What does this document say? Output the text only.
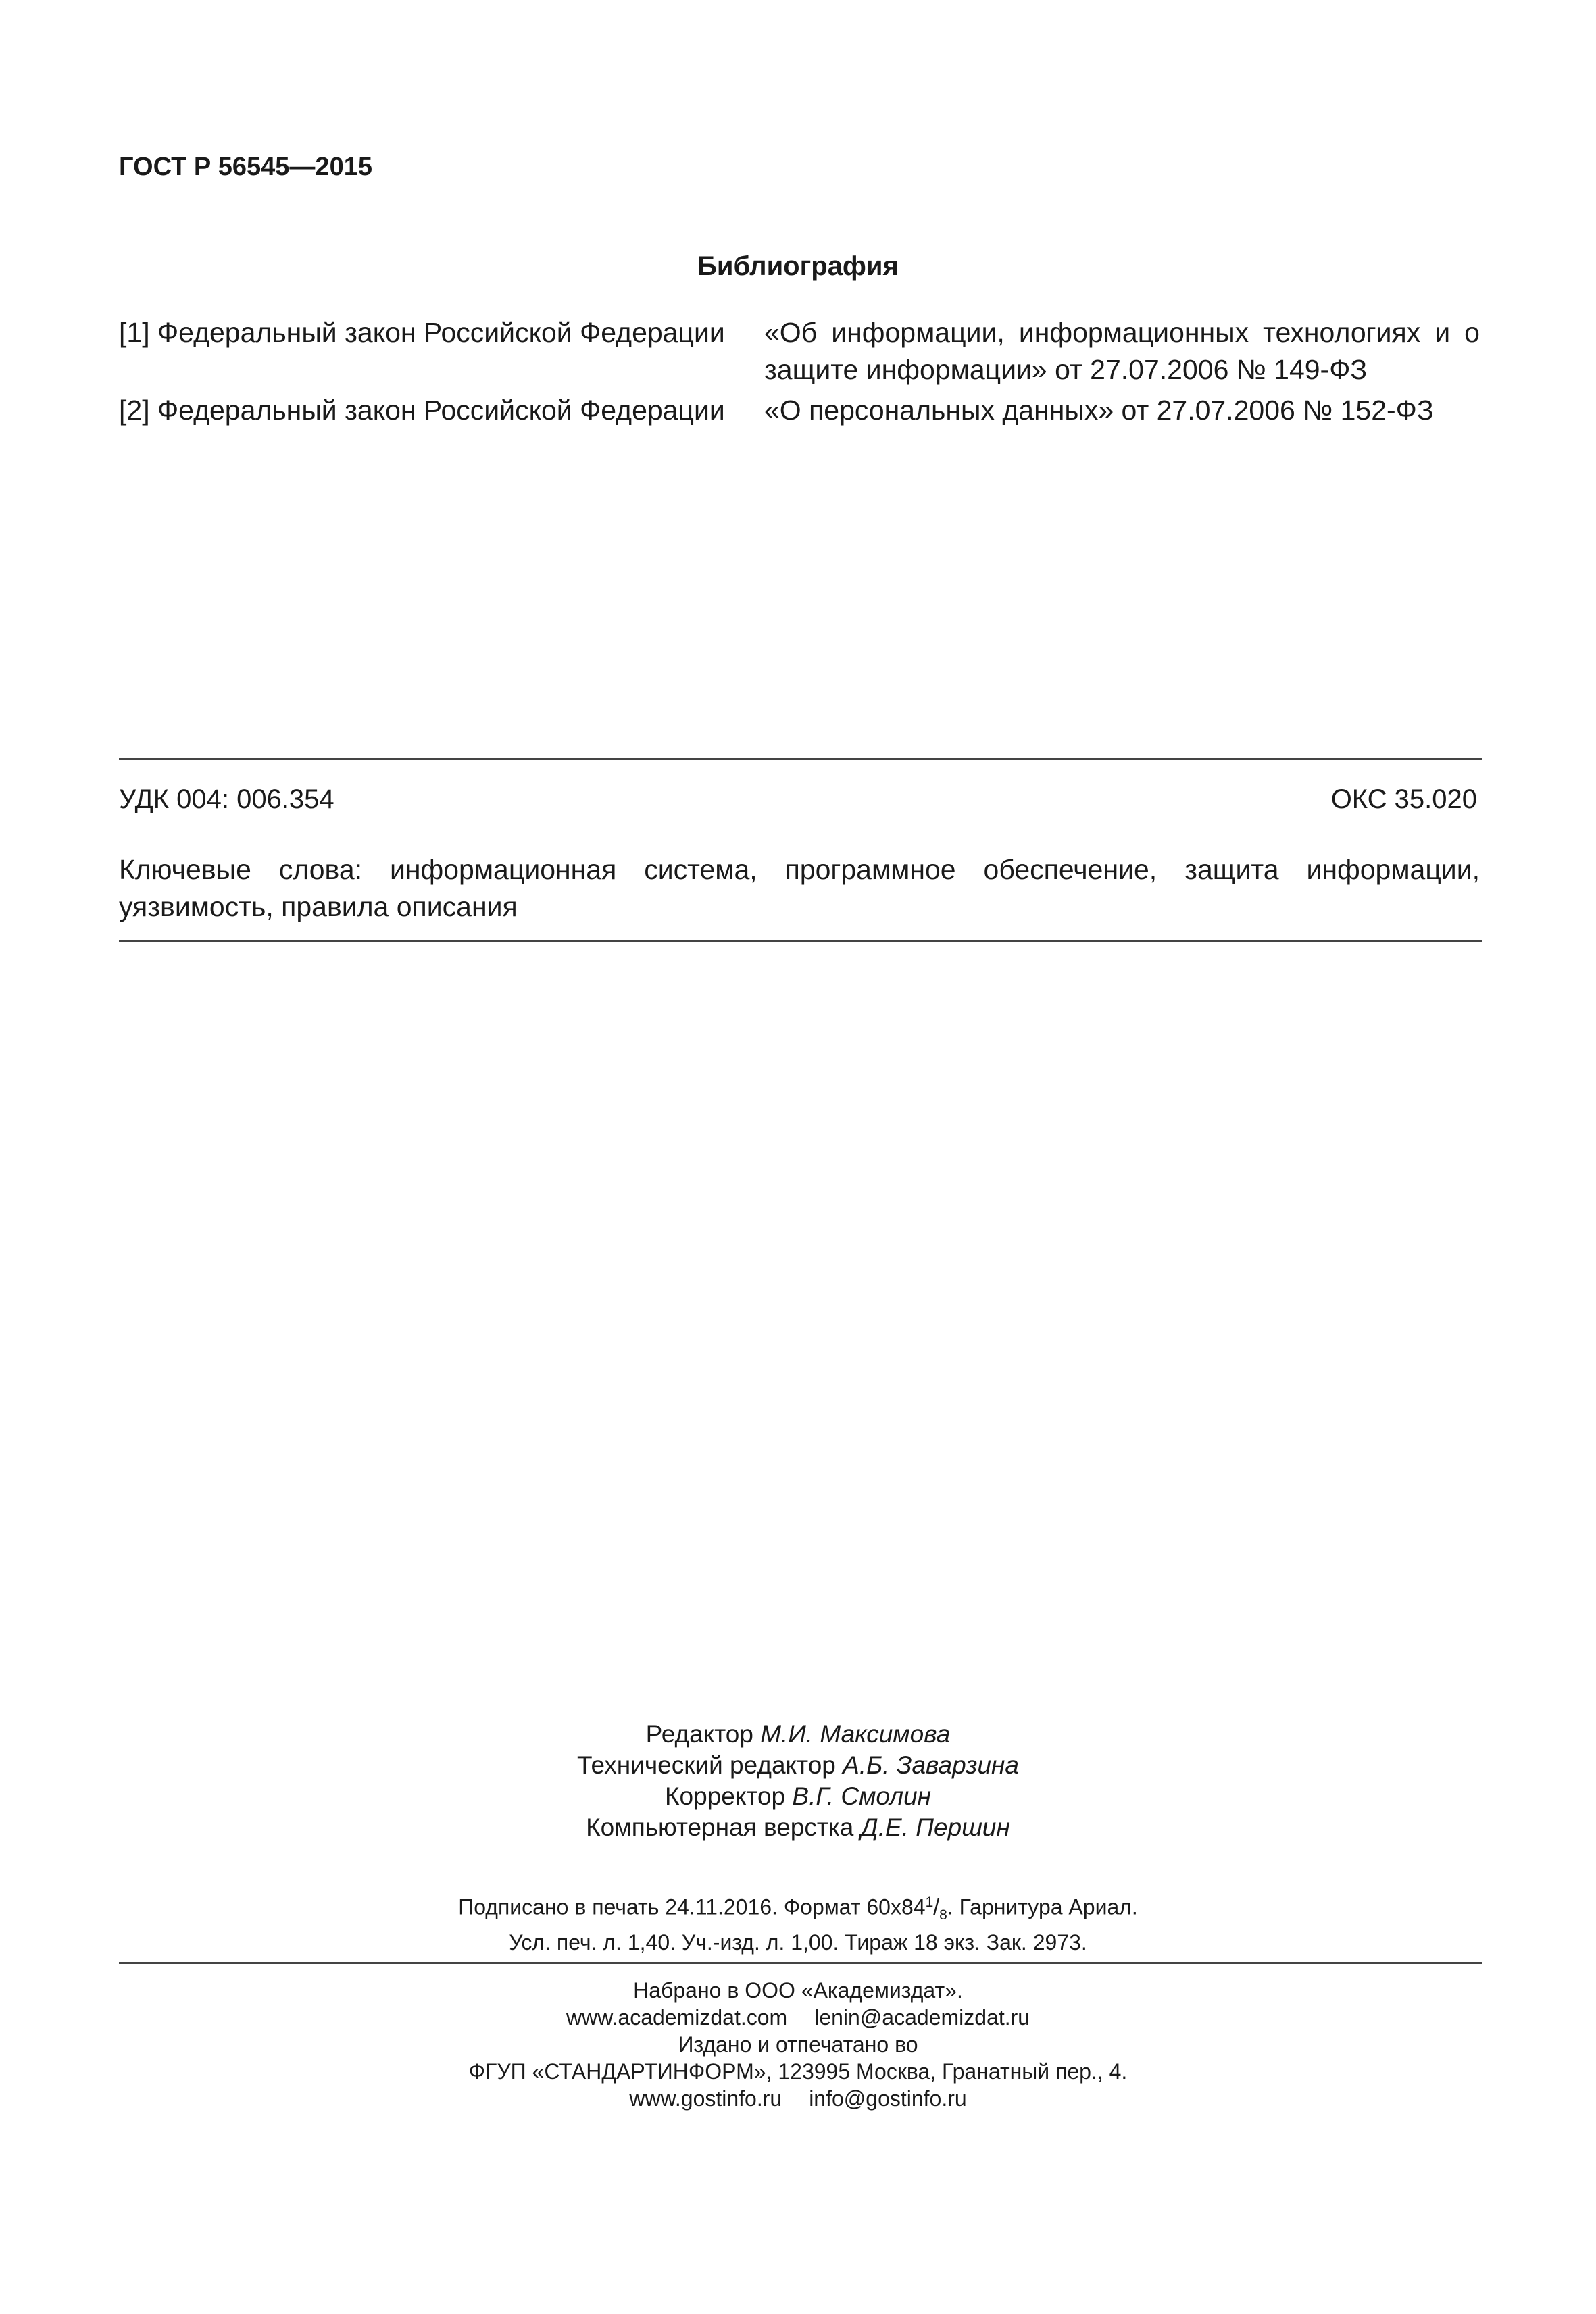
ГОСТ Р 56545—2015
Библиография
[1] Федеральный закон Российской Федерации «Об информации, информационных технологиях и о защите информации» от 27.07.2006 № 149-ФЗ
[2] Федеральный закон Российской Федерации «О персональных данных» от 27.07.2006 № 152-ФЗ
УДК 004: 006.354	ОКС 35.020
Ключевые слова: информационная система, программное обеспечение, защита информации, уязвимость, правила описания
Редактор М.И. Максимова
Технический редактор А.Б. Заварзина
Корректор В.Г. Смолин
Компьютерная верстка Д.Е. Першин
Подписано в печать 24.11.2016. Формат $60x84^1/_8$. Гарнитура Ариал.
Усл. печ. л. 1,40. Уч.-изд. л. 1,00. Тираж 18 экз. Зак. 2973.
Набрано в ООО «Академиздат».
www.academizdat.com lenin@academizdat.ru
Издано и отпечатано во
ФГУП «СТАНДАРТИНФОРМ», 123995 Москва, Гранатный пер., 4.
www.gostinfo.ru info@gostinfo.ru
